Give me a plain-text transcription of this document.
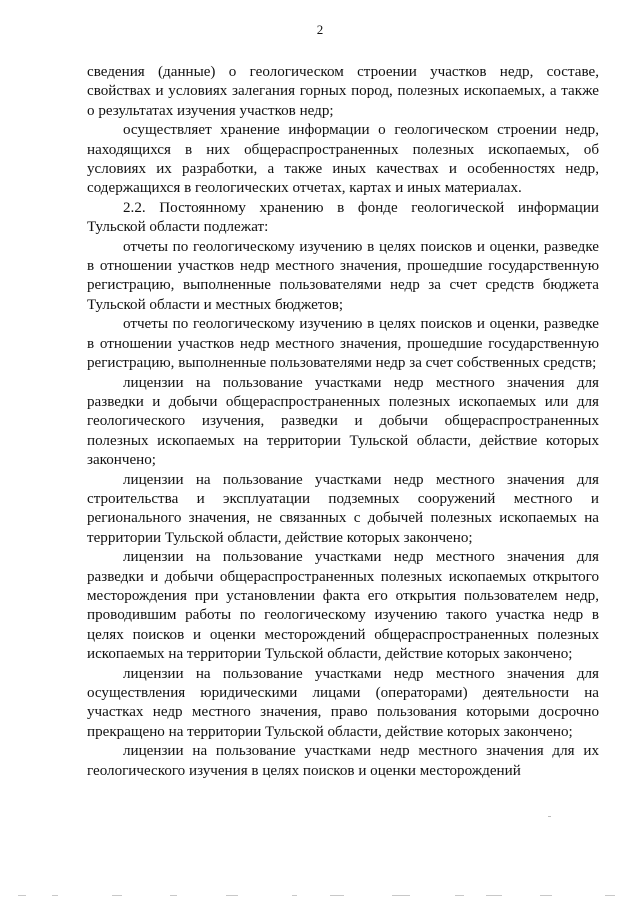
2

сведения (данные) о геологическом строении участков недр, составе, свойствах и условиях залегания горных пород, полезных ископаемых, а также о результатах изучения участков недр;

осуществляет хранение информации о геологическом строении недр, находящихся в них общераспространенных полезных ископаемых, об условиях их разработки, а также иных качествах и особенностях недр, содержащихся в геологических отчетах, картах и иных материалах.

2.2. Постоянному хранению в фонде геологической информации Тульской области подлежат:

отчеты по геологическому изучению в целях поисков и оценки, разведке в отношении участков недр местного значения, прошедшие государственную регистрацию, выполненные пользователями недр за счет средств бюджета Тульской области и местных бюджетов;

отчеты по геологическому изучению в целях поисков и оценки, разведке в отношении участков недр местного значения, прошедшие государственную регистрацию, выполненные пользователями недр за счет собственных средств;

лицензии на пользование участками недр местного значения для разведки и добычи общераспространенных полезных ископаемых или для геологического изучения, разведки и добычи общераспространенных полезных ископаемых на территории Тульской области, действие которых закончено;

лицензии на пользование участками недр местного значения для строительства и эксплуатации подземных сооружений местного и регионального значения, не связанных с добычей полезных ископаемых на территории Тульской области, действие которых закончено;

лицензии на пользование участками недр местного значения для разведки и добычи общераспространенных полезных ископаемых открытого месторождения при установлении факта его открытия пользователем недр, проводившим работы по геологическому изучению такого участка недр в целях поисков и оценки месторождений общераспространенных полезных ископаемых на территории Тульской области, действие которых закончено;

лицензии на пользование участками недр местного значения для осуществления юридическими лицами (операторами) деятельности на участках недр местного значения, право пользования которыми досрочно прекращено на территории Тульской области, действие которых закончено;

лицензии на пользование участками недр местного значения для их геологического изучения в целях поисков и оценки месторождений
